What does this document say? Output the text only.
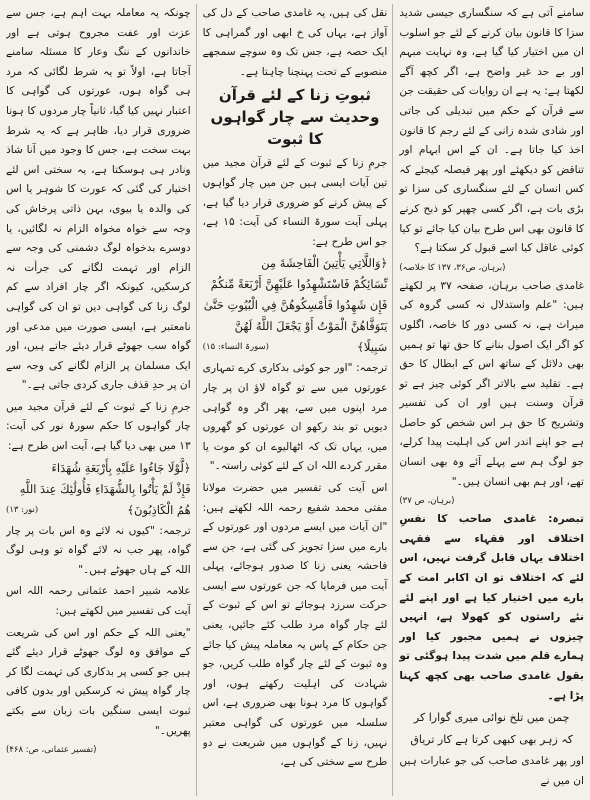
سامنے آتی ہے کہ سنگساری جیسی شدید سزا کا قانون بیان کرنے کے لئے جو اسلوب ان میں اختیار کیا گیا ہے، وہ نہایت مبہم اور بے حد غیر واضح ہے، اگر کچھ آگے لکھتا ہے: یہ ہے ان روایات کی حقیقت جن سے قرآن کے حکم میں تبدیلی کی جاتی اور شادی شدہ زانی کے لئے رجم کا قانون اخذ کیا جاتا ہے۔ ان کے اس ابہام اور تناقض کو دیکھئے اور پھر فیصلہ کیجئے کہ کس انسان کے لئے سنگساری کی سزا تو بڑی بات ہے، اگر کسی چھپر کو ذبح کرنے کا قانون بھی اس طرح بیان کیا جائے تو کیا کوئی عاقل کیا اسے قبول کر سکتا ہے؟

(برہان، ص۳۶، ۱۳۷ کا خلاصہ)

غامدی صاحب برہان، صفحہ ۳۷ پر لکھتے ہیں: "علم واستدلال نہ کسی گروہ کی میراث ہے، نہ کسی دور کا خاصہ، اگلوں کو اگر ایک اصول بنانے کا حق تھا تو ہمیں بھی دلائل کے ساتھ اس کے ابطال کا حق ہے۔ تقلید سے بالاتر اگر کوئی چیز ہے تو قرآن وسنت ہیں اور ان کی تفسیر وتشریح کا حق ہر اس شخص کو حاصل ہے جو اپنے اندر اس کی اہلیت پیدا کرلے، جو لوگ ہم سے پہلے آئے وہ بھی انسان تھے، اور ہم بھی انسان ہیں۔"

(برہان، ص ۳۷)

تبصرہ: غامدی صاحب کا نفسِ اختلاف اور فقہاء سے فقہی اختلاف یہاں قابل گرفت نہیں، اس لئے کہ اختلاف تو ان اکابر امت کے بارے میں اختیار کیا ہے اور اپنے لئے نئے راستوں کو کھولا ہے، انہیں چیزوں نے ہمیں مجبور کیا اور ہمارے قلم میں شدت پیدا ہوگئی تو بقول غامدی صاحب بھی کچھ کہنا پڑا ہے۔

چمن میں تلخ نوائی میری گوارا کر

کہ زہر بھی کبھی کرتا ہے کار تریاق

اور پھر غامدی صاحب کی جو عبارات ہیں ان میں نے

نقل کی ہیں، یہ غامدی صاحب کے دل کی آواز ہے، یہاں کی خ ابھی اور گمراہی کا ایک حصہ ہے، جس تک وہ سوچے سمجھے منصوبے کے تحت پہنچنا چاہتا ہے۔

ثبوتِ زنا کے لئے قرآن وحدیث سے چار گواہوں کا ثبوت

جرمِ زنا کے ثبوت کے لئے قرآن مجید میں تین آیات ایسی ہیں جن میں چار گواہوں کے پیش کرنے کو ضروری قرار دیا گیا ہے، پہلی آیت سورۃ النساء کی آیت: ۱۵ ہے، جو اس طرح ہے:

﴿وَاللَّاتِي يَأْتِينَ الْفَاحِشَةَ مِن
نِّسَائِكُمْ فَاسْتَشْهِدُوا عَلَيْهِنَّ أَرْبَعَةً مِّنكُمْ
فَإِن شَهِدُوا فَأَمْسِكُوهُنَّ فِي الْبُيُوتِ حَتَّىٰ
يَتَوَفَّاهُنَّ الْمَوْتُ أَوْ يَجْعَلَ اللَّهُ لَهُنَّ
سَبِيلًا﴾
(سورۃ النساء: ۱۵)

ترجمہ: "اور جو کوئی بدکاری کرے تمہاری عورتوں میں سے تو گواہ لاؤ ان پر چار مرد اپنوں میں سے، پھر اگر وہ گواہی دیویں تو بند رکھو ان عورتوں کو گھروں میں، یہاں تک کہ اٹھالیوے ان کو موت یا مقرر کردے اللہ ان کے لئے کوئی راستہ۔"

اس آیت کی تفسیر میں حضرت مولانا مفتی محمد شفیع رحمہ اللہ لکھتے ہیں: "ان آیات میں ایسے مردوں اور عورتوں کے بارے میں سزا تجویز کی گئی ہے، جن سے فاحشہ یعنی زنا کا صدور ہوجائے، پہلی آیت میں فرمایا کہ جن عورتوں سے ایسی حرکت سرزد ہوجائے تو اس کے ثبوت کے لئے چار گواہ مرد طلب کئے جائیں، یعنی جن حکام کے پاس یہ معاملہ پیش کیا جائے وہ ثبوت کے لئے چار گواہ طلب کریں، جو شہادت کی اہلیت رکھتے ہوں، اور گواہوں کا مرد ہونا بھی ضروری ہے، اس سلسلہ میں عورتوں کی گواہی معتبر نہیں، زنا کے گواہوں میں شریعت نے دو طرح سے سختی کی ہے،

چونکہ یہ معاملہ بہت اہم ہے، جس سے عزت اور عفت مجروح ہوتی ہے اور خاندانوں کے ننگ وعار کا مسئلہ سامنے آجاتا ہے، اولاً تو یہ شرط لگائی کہ مرد ہی گواہ ہوں، عورتوں کی گواہی کا اعتبار نہیں کیا گیا، ثانیاً چار مردوں کا ہونا ضروری قرار دیا، ظاہر ہے کہ یہ شرط بہت سخت ہے، جس کا وجود میں آنا شاذ ونادر ہی ہوسکتا ہے، یہ سختی اس لئے اختیار کی گئی کہ عورت کا شوہر یا اس کی والدہ یا بیوی، بہن ذاتی پرخاش کی وجہ سے خواہ مخواہ الزام نہ لگائیں، یا دوسرے بدخواہ لوگ دشمنی کی وجہ سے الزام اور تہمت لگانے کی جرأت نہ کرسکیں، کیونکہ اگر چار افراد سے کم لوگ زنا کی گواہی دیں تو ان کی گواہی نامعتبر ہے، ایسی صورت میں مدعی اور گواہ سب جھوٹے قرار دیئے جاتے ہیں، اور ایک مسلمان پر الزام لگانے کی وجہ سے ان پر حدِ قذف جاری کردی جاتی ہے۔"

جرمِ زنا کے ثبوت کے لئے قرآن مجید میں چار گواہوں کا حکم سورۂ نور کی آیت: ۱۳ میں بھی دیا گیا ہے، آیت اس طرح ہے:

﴿لَّوْلَا جَاءُوا عَلَيْهِ بِأَرْبَعَةِ شُهَدَاءَ
فَإِذْ لَمْ يَأْتُوا بِالشُّهَدَاءِ فَأُولَٰئِكَ عِندَ اللَّهِ
هُمُ الْكَاذِبُونَ﴾
(نور: ۱۳)

ترجمہ: "کیوں نہ لائے وہ اس بات پر چار گواہ، پھر جب نہ لائے گواہ تو وہی لوگ اللہ کے ہاں جھوٹے ہیں۔"

علامہ شبیر احمد عثمانی رحمہ اللہ اس آیت کی تفسیر میں لکھتے ہیں:

"یعنی اللہ کے حکم اور اس کی شریعت کے موافق وہ لوگ جھوٹے قرار دیئے گئے ہیں جو کسی پر بدکاری کی تہمت لگا کر چار گواہ پیش نہ کرسکیں اور بدون کافی ثبوت ایسی سنگین بات زبان سے بکتے پھریں۔"

(تفسیر عثمانی، ص: ۴۶۸)
